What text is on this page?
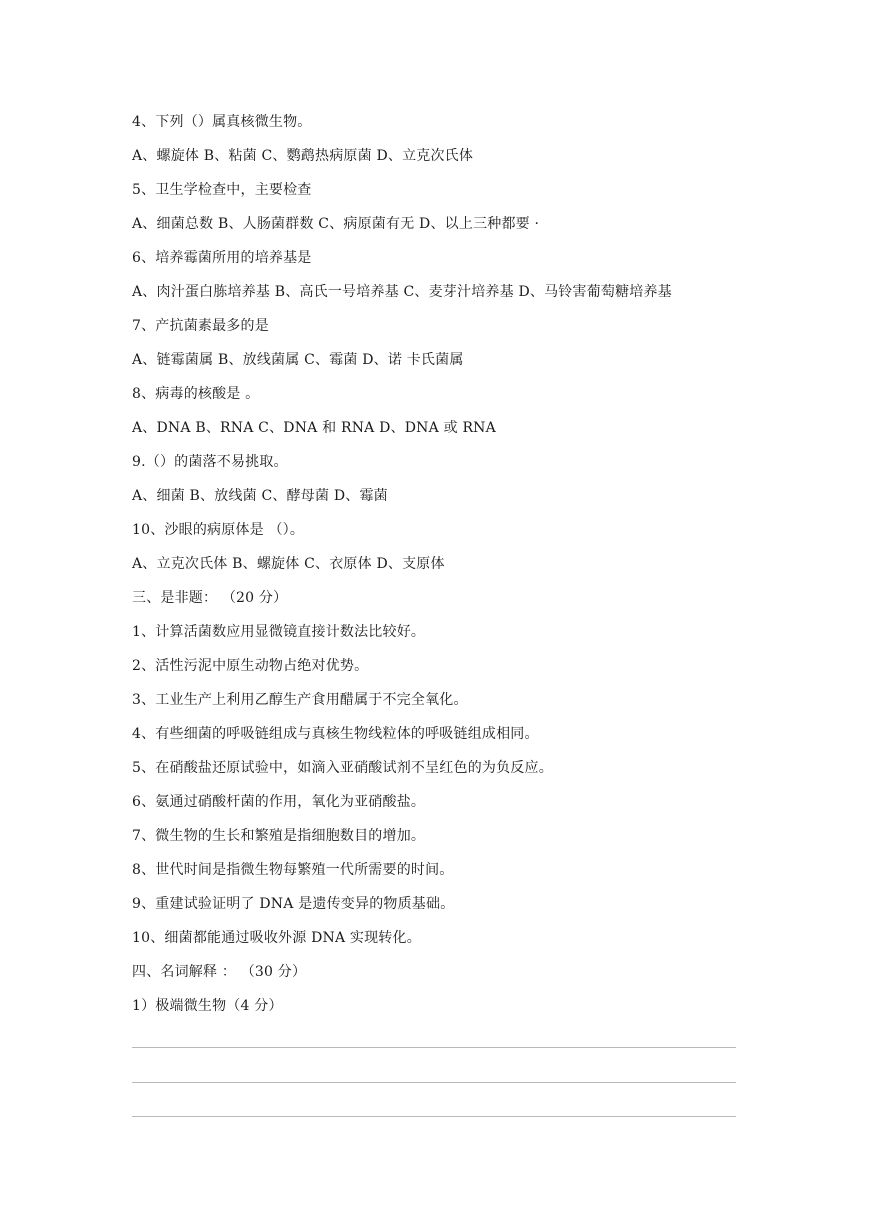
4、下列（）属真核微生物。
A、螺旋体 B、粘菌 C、鹦鹉热病原菌 D、立克次氏体
5、卫生学检查中，主要检查
A、细菌总数 B、人肠菌群数 C、病原菌有无 D、以上三种都要 ·
6、培养霉菌所用的培养基是
A、肉汁蛋白胨培养基 B、高氏一号培养基 C、麦芽汁培养基 D、马铃害葡萄糖培养基
7、产抗菌素最多的是
A、链霉菌属 B、放线菌属 C、霉菌 D、诺 卡氏菌属
8、病毒的核酸是 。
A、DNA B、RNA C、DNA 和 RNA D、DNA 或 RNA
9.（）的菌落不易挑取。
A、细菌 B、放线菌 C、酵母菌 D、霉菌
10、沙眼的病原体是 （）。
A、立克次氏体 B、螺旋体 C、衣原体 D、支原体
三、是非题： （20 分）
1、计算活菌数应用显微镜直接计数法比较好。
2、活性污泥中原生动物占绝对优势。
3、工业生产上利用乙醇生产食用醋属于不完全氧化。
4、有些细菌的呼吸链组成与真核生物线粒体的呼吸链组成相同。
5、在硝酸盐还原试验中，如滴入亚硝酸试剂不呈红色的为负反应。
6、氨通过硝酸杆菌的作用，氧化为亚硝酸盐。
7、微生物的生长和繁殖是指细胞数目的增加。
8、世代时间是指微生物每繁殖一代所需要的时间。
9、重建试验证明了 DNA 是遗传变异的物质基础。
10、细菌都能通过吸收外源 DNA 实现转化。
四、名词解释 ： （30 分）
1）极端微生物（4 分）
